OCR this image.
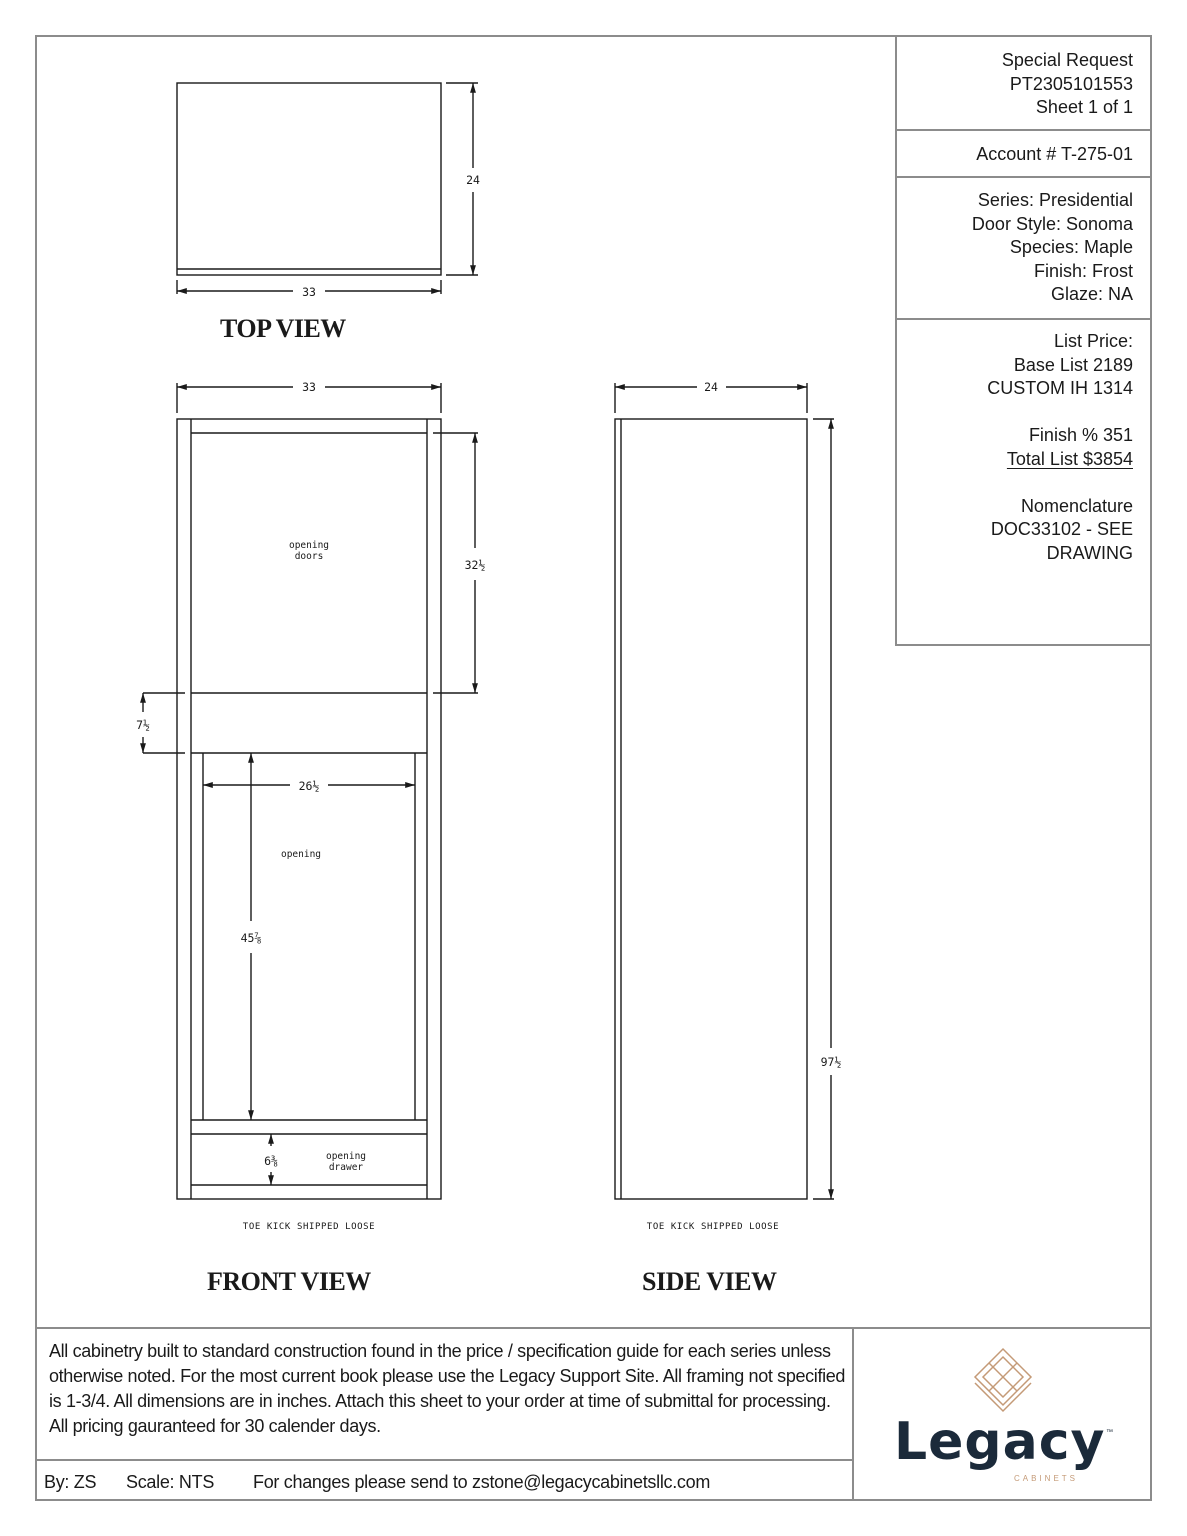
Special Request
PT2305101553
Sheet 1 of 1
Account # T-275-01
Series: Presidential
Door Style: Sonoma
Species: Maple
Finish: Frost
Glaze: NA
List Price:
Base List 2189
CUSTOM IH 1314
Finish % 351
Total List $3854
Nomenclature
DOC33102 - SEE
DRAWING
24
33
33
opening
doors
32½
7½
26½
opening
45⅞
6⅜	opening
drawer
TOE KICK SHIPPED LOOSE
24
97½
TOE KICK SHIPPED LOOSE
TOP VIEW
FRONT VIEW	SIDE VIEW

All cabinetry built to standard construction found in the price / specification guide for each series unless otherwise noted. For the most current book please use the Legacy Support Site. All framing not specified is 1-3/4. All dimensions are in inches. Attach this sheet to your order at time of submittal for processing. All pricing gauranteed for 30 calender days.

By: ZS Scale: NTS For changes please send to zstone@legacycabinetsllc.com
Legacy ™
CABINETS
